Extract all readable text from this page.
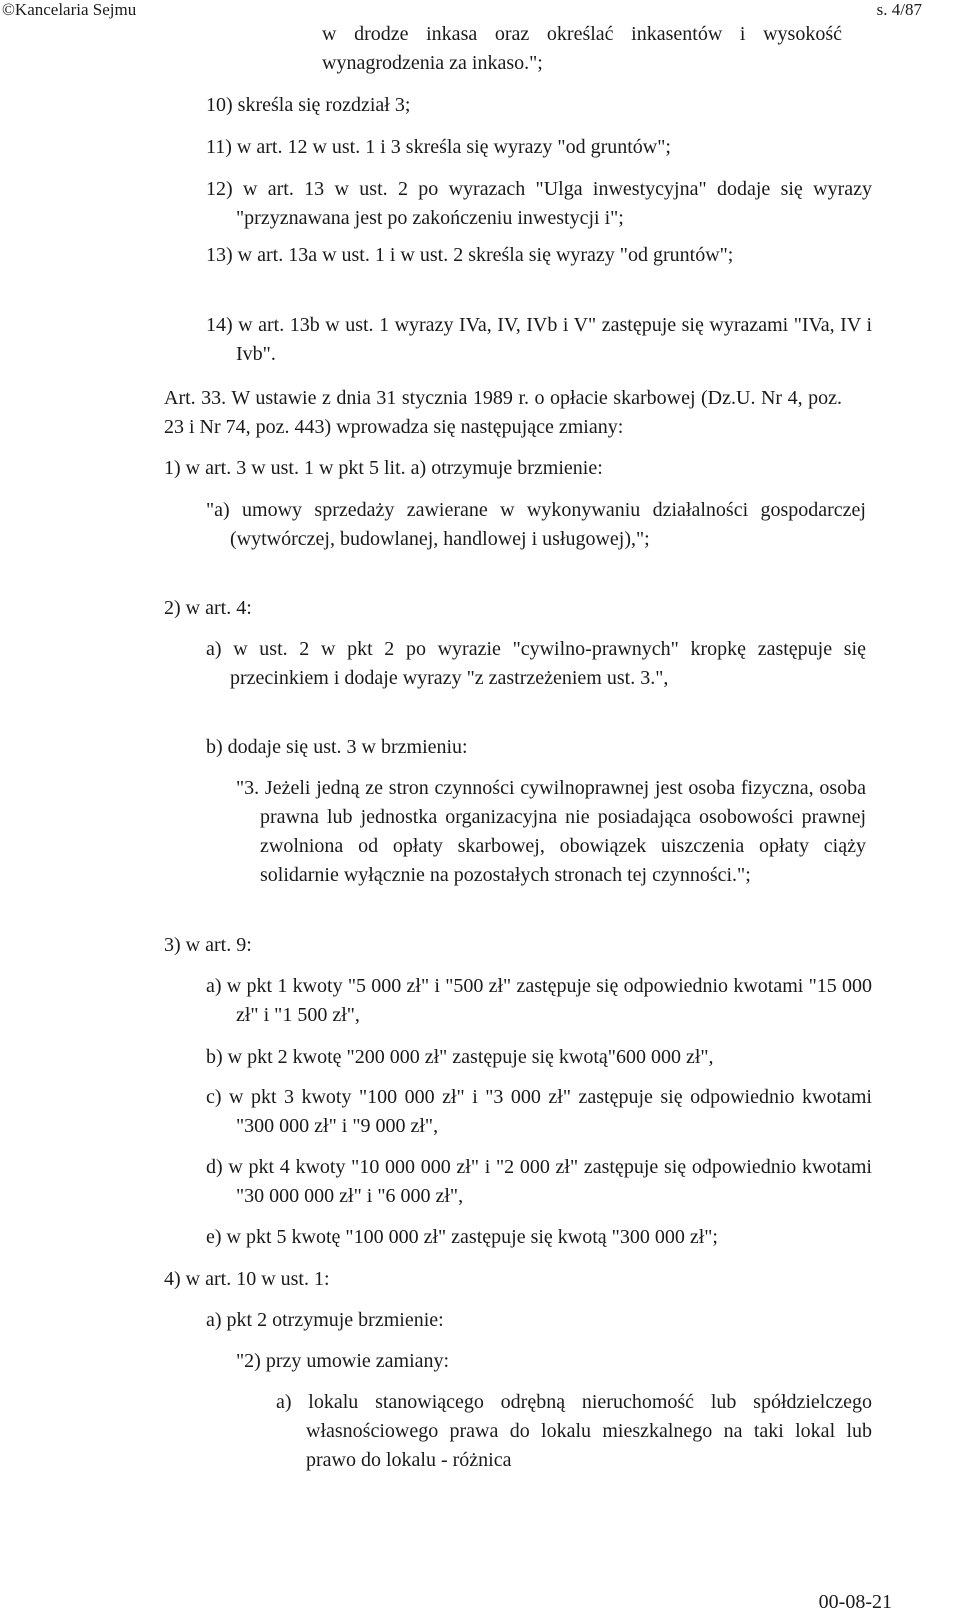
©Kancelaria Sejmu	s. 4/87
w drodze inkasa oraz określać inkasentów i wysokość wynagrodzenia za inkaso.";
10) skreśla się rozdział 3;
11) w art. 12 w ust. 1 i 3 skreśla się wyrazy "od gruntów";
12) w art. 13 w ust. 2 po wyrazach "Ulga inwestycyjna" dodaje się wyrazy "przyznawana jest po zakończeniu inwestycji i";
13) w art. 13a w ust. 1 i w ust. 2 skreśla się wyrazy "od gruntów";
14) w art. 13b w ust. 1 wyrazy IVa, IV, IVb i V" zastępuje się wyrazami "IVa, IV i Ivb".
Art. 33. W ustawie z dnia 31 stycznia 1989 r. o opłacie skarbowej (Dz.U. Nr 4, poz. 23 i Nr 74, poz. 443) wprowadza się następujące zmiany:
1) w art. 3 w ust. 1 w pkt 5 lit. a) otrzymuje brzmienie:
"a) umowy sprzedaży zawierane w wykonywaniu działalności gospodarczej (wytwórczej, budowlanej, handlowej i usługowej),";
2) w art. 4:
a) w ust. 2 w pkt 2 po wyrazie "cywilno-prawnych" kropkę zastępuje się przecinkiem i dodaje wyrazy "z zastrzeżeniem ust. 3.",
b) dodaje się ust. 3 w brzmieniu:
"3. Jeżeli jedną ze stron czynności cywilnoprawnej jest osoba fizyczna, osoba prawna lub jednostka organizacyjna nie posiadająca osobowości prawnej zwolniona od opłaty skarbowej, obowiązek uiszczenia opłaty ciąży solidarnie wyłącznie na pozostałych stronach tej czynności.";
3) w art. 9:
a) w pkt 1 kwoty "5 000 zł" i "500 zł" zastępuje się odpowiednio kwotami "15 000 zł" i "1 500 zł",
b) w pkt 2 kwotę "200 000 zł" zastępuje się kwotą"600 000 zł",
c) w pkt 3 kwoty "100 000 zł" i "3 000 zł" zastępuje się odpowiednio kwotami "300 000 zł" i "9 000 zł",
d) w pkt 4 kwoty "10 000 000 zł" i "2 000 zł" zastępuje się odpowiednio kwotami "30 000 000 zł" i "6 000 zł",
e) w pkt 5 kwotę "100 000 zł" zastępuje się kwotą "300 000 zł";
4) w art. 10 w ust. 1:
a) pkt 2 otrzymuje brzmienie:
"2) przy umowie zamiany:
a) lokalu stanowiącego odrębną nieruchomość lub spółdzielczego własnościowego prawa do lokalu mieszkalnego na taki lokal lub prawo do lokalu - różnica
00-08-21
